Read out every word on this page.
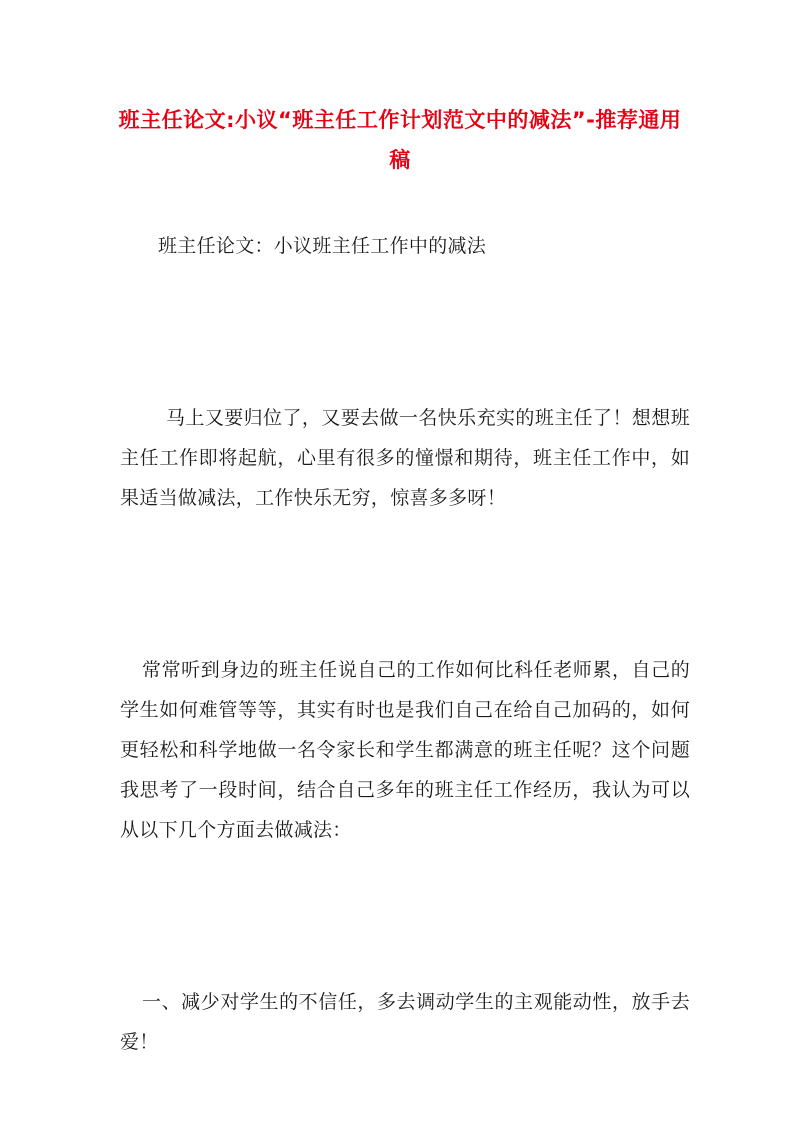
班主任论文:小议“班主任工作计划范文中的减法”-推荐通用稿
班主任论文：小议班主任工作中的减法
马上又要归位了，又要去做一名快乐充实的班主任了！想想班主任工作即将起航，心里有很多的憧憬和期待，班主任工作中，如果适当做减法，工作快乐无穷，惊喜多多呀！
常常听到身边的班主任说自己的工作如何比科任老师累，自己的学生如何难管等等，其实有时也是我们自己在给自己加码的，如何更轻松和科学地做一名令家长和学生都满意的班主任呢？这个问题我思考了一段时间，结合自己多年的班主任工作经历，我认为可以从以下几个方面去做减法：
一、减少对学生的不信任，多去调动学生的主观能动性，放手去爱！
